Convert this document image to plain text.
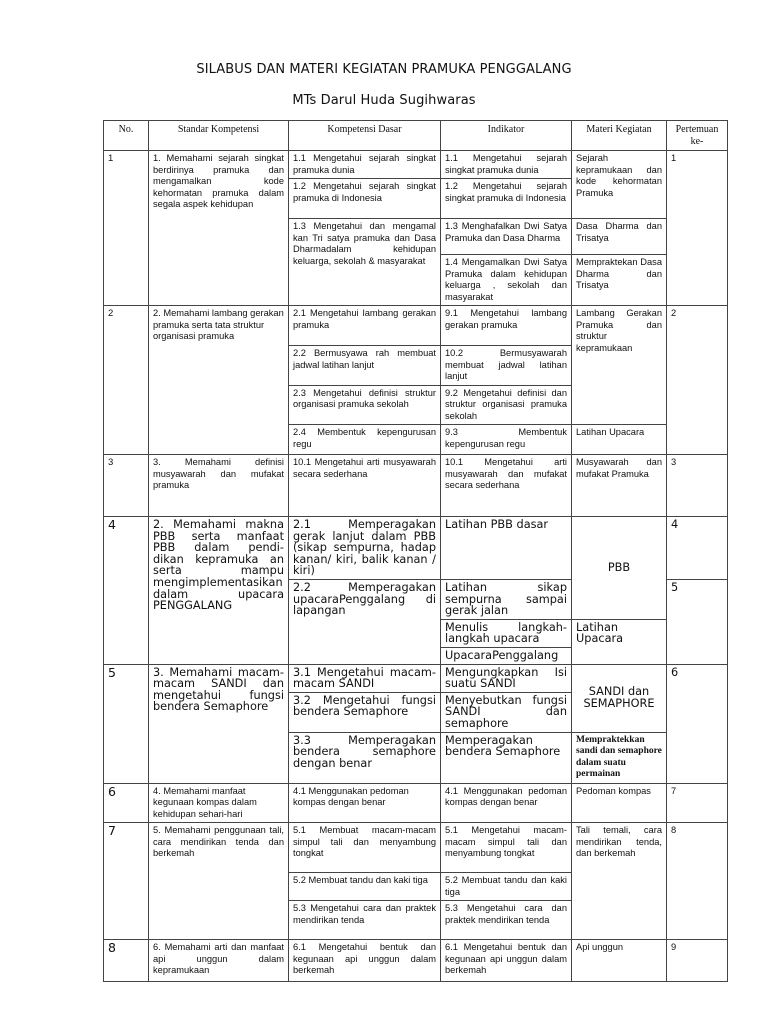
SILABUS DAN MATERI KEGIATAN PRAMUKA PENGGALANG
MTs Darul Huda Sugihwaras
No.	Standar Kompetensi	Kompetensi Dasar	Indikator	Materi Kegiatan	Pertemuan ke-
1	1. Memahami sejarah singkat berdirinya pramuka dan mengamalkan kode kehormatan pramuka dalam segala aspek kehidupan	1.1 Mengetahui sejarah singkat pramuka dunia	1.1 Mengetahui sejarah singkat pramuka dunia	Sejarah kepramukaan dan kode kehormatan Pramuka	1
		1.2 Mengetahui sejarah singkat pramuka di Indonesia	1.2 Mengetahui sejarah singkat pramuka di Indonesia		
		1.3 Mengetahui dan mengamal kan Tri satya pramuka dan Dasa Dharmadalam kehidupan keluarga, sekolah & masyarakat	1.3 Menghafalkan Dwi Satya Pramuka dan Dasa Dharma	Dasa Dharma dan Trisatya	
			1.4 Mengamalkan Dwi Satya Pramuka dalam kehidupan keluarga , sekolah dan masyarakat	Mempraktekan Dasa Dharma dan Trisatya	
2	2. Memahami lambang gerakan pramuka serta tata struktur organisasi pramuka	2.1 Mengetahui lambang gerakan pramuka	9.1 Mengetahui lambang gerakan pramuka	Lambang Gerakan Pramuka dan struktur kepramukaan	2
		2.2 Bermusyawa rah membuat jadwal latihan lanjut	10.2 Bermusyawarah membuat jadwal latihan lanjut		
		2.3 Mengetahui definisi struktur organisasi pramuka sekolah	9.2 Mengetahui definisi dan struktur organisasi pramuka sekolah		
		2.4 Membentuk kepengurusan regu	9.3 Membentuk kepengurusan regu	Latihan Upacara	
3	3. Memahami definisi musyawarah dan mufakat pramuka	10.1 Mengetahui arti musyawarah secara sederhana	10.1 Mengetahui arti musyawarah dan mufakat secara sederhana	Musyawarah dan mufakat Pramuka	3
4	2. Memahami makna PBB serta manfaat PBB dalam pendi-dikan kepramuka an serta mampu mengimplementasikan dalam upacara PENGGALANG	2.1 Memperagakan gerak lanjut dalam PBB (sikap sempurna, hadap kanan/ kiri, balik kanan / kiri)	Latihan PBB dasar	PBB	4
		2.2 Memperagakan upacaraPenggalang di lapangan	Latihan sikap sempurna sampai gerak jalan		5
			Menulis langkah-langkah upacara	Latihan Upacara	
			UpacaraPenggalang		
5	3. Memahami macam-macam SANDI dan mengetahui fungsi bendera Semaphore	3.1 Mengetahui macam-macam SANDI	Mengungkapkan Isi suatu SANDI	SANDI dan SEMAPHORE	6
		3.2 Mengetahui fungsi bendera Semaphore	Menyebutkan fungsi SANDI dan semaphore		
		3.3 Memperagakan bendera semaphore dengan benar	Memperagakan bendera Semaphore	Mempraktekkan sandi dan semaphore dalam suatu permainan	
6	4. Memahami manfaat kegunaan kompas dalam kehidupan sehari-hari	4.1 Menggunakan pedoman kompas dengan benar	4.1 Menggunakan pedoman kompas dengan benar	Pedoman kompas	7
7	5. Memahami penggunaan tali, cara mendirikan tenda dan berkemah	5.1 Membuat macam-macam simpul tali dan menyambung tongkat	5.1 Mengetahui macam-macam simpul tali dan menyambung tongkat	Tali temali, cara mendirikan tenda, dan berkemah	8
		5.2 Membuat tandu dan kaki tiga	5.2 Membuat tandu dan kaki tiga		
		5.3 Mengetahui cara dan praktek mendirikan tenda	5.3 Mengetahui cara dan praktek mendirikan tenda		
8	6. Memahami arti dan manfaat api unggun dalam kepramukaan	6.1 Mengetahui bentuk dan kegunaan api unggun dalam berkemah	6.1 Mengetahui bentuk dan kegunaan api unggun dalam berkemah	Api unggun	9
